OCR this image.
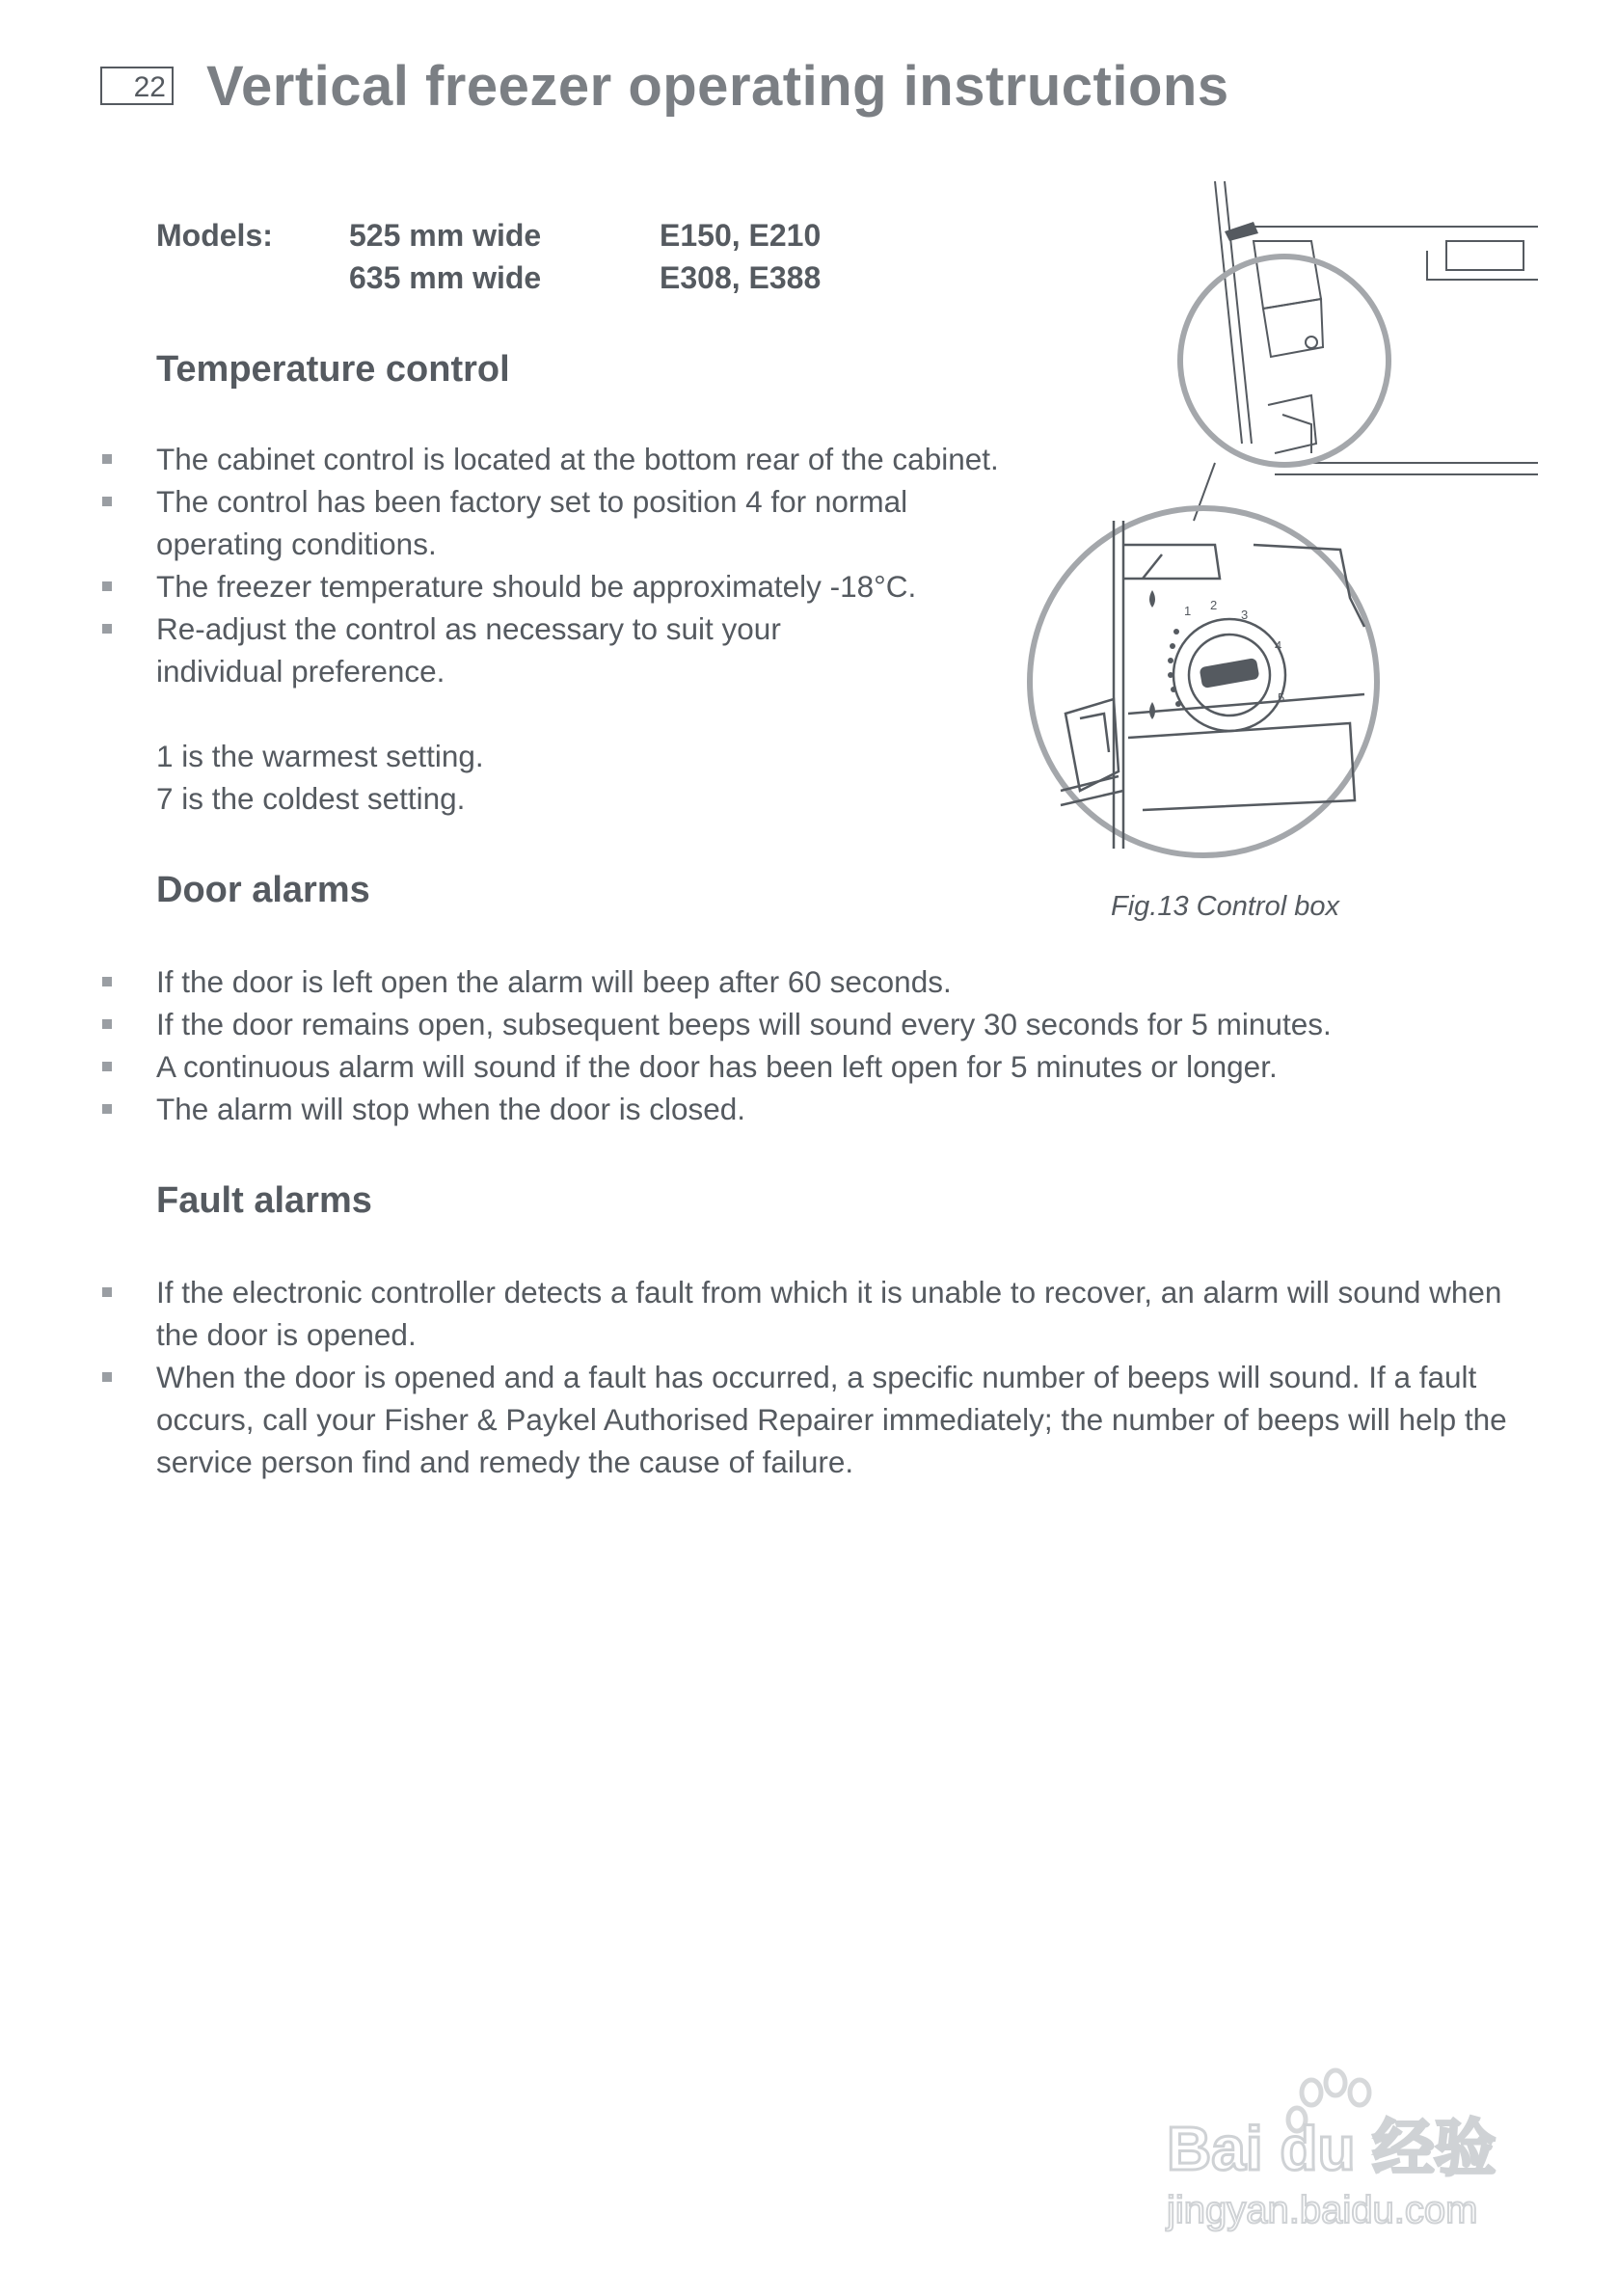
22 Vertical freezer operating instructions
Models: 525 mm wide	E150, E210
635 mm wide	E308, E388
Temperature control
The cabinet control is located at the bottom rear of the cabinet.
The control has been factory set to position 4 for normal operating conditions.
The freezer temperature should be approximately -18°C.
Re-adjust the control as necessary to suit your individual preference.
1 is the warmest setting.
7 is the coldest setting.
1 2
3
4
5
Fig.13 Control box
Door alarms
If the door is left open the alarm will beep after 60 seconds.
If the door remains open, subsequent beeps will sound every 30 seconds for 5 minutes.
A continuous alarm will sound if the door has been left open for 5 minutes or longer.
The alarm will stop when the door is closed.
Fault alarms
If the electronic controller detects a fault from which it is unable to recover, an alarm will sound when the door is opened.
When the door is opened and a fault has occurred, a specific number of beeps will sound. If a fault occurs, call your Fisher & Paykel Authorised Repairer immediately; the number of beeps will help the service person find and remedy the cause of failure.
Bai du 经验
jingyan.baidu.com
